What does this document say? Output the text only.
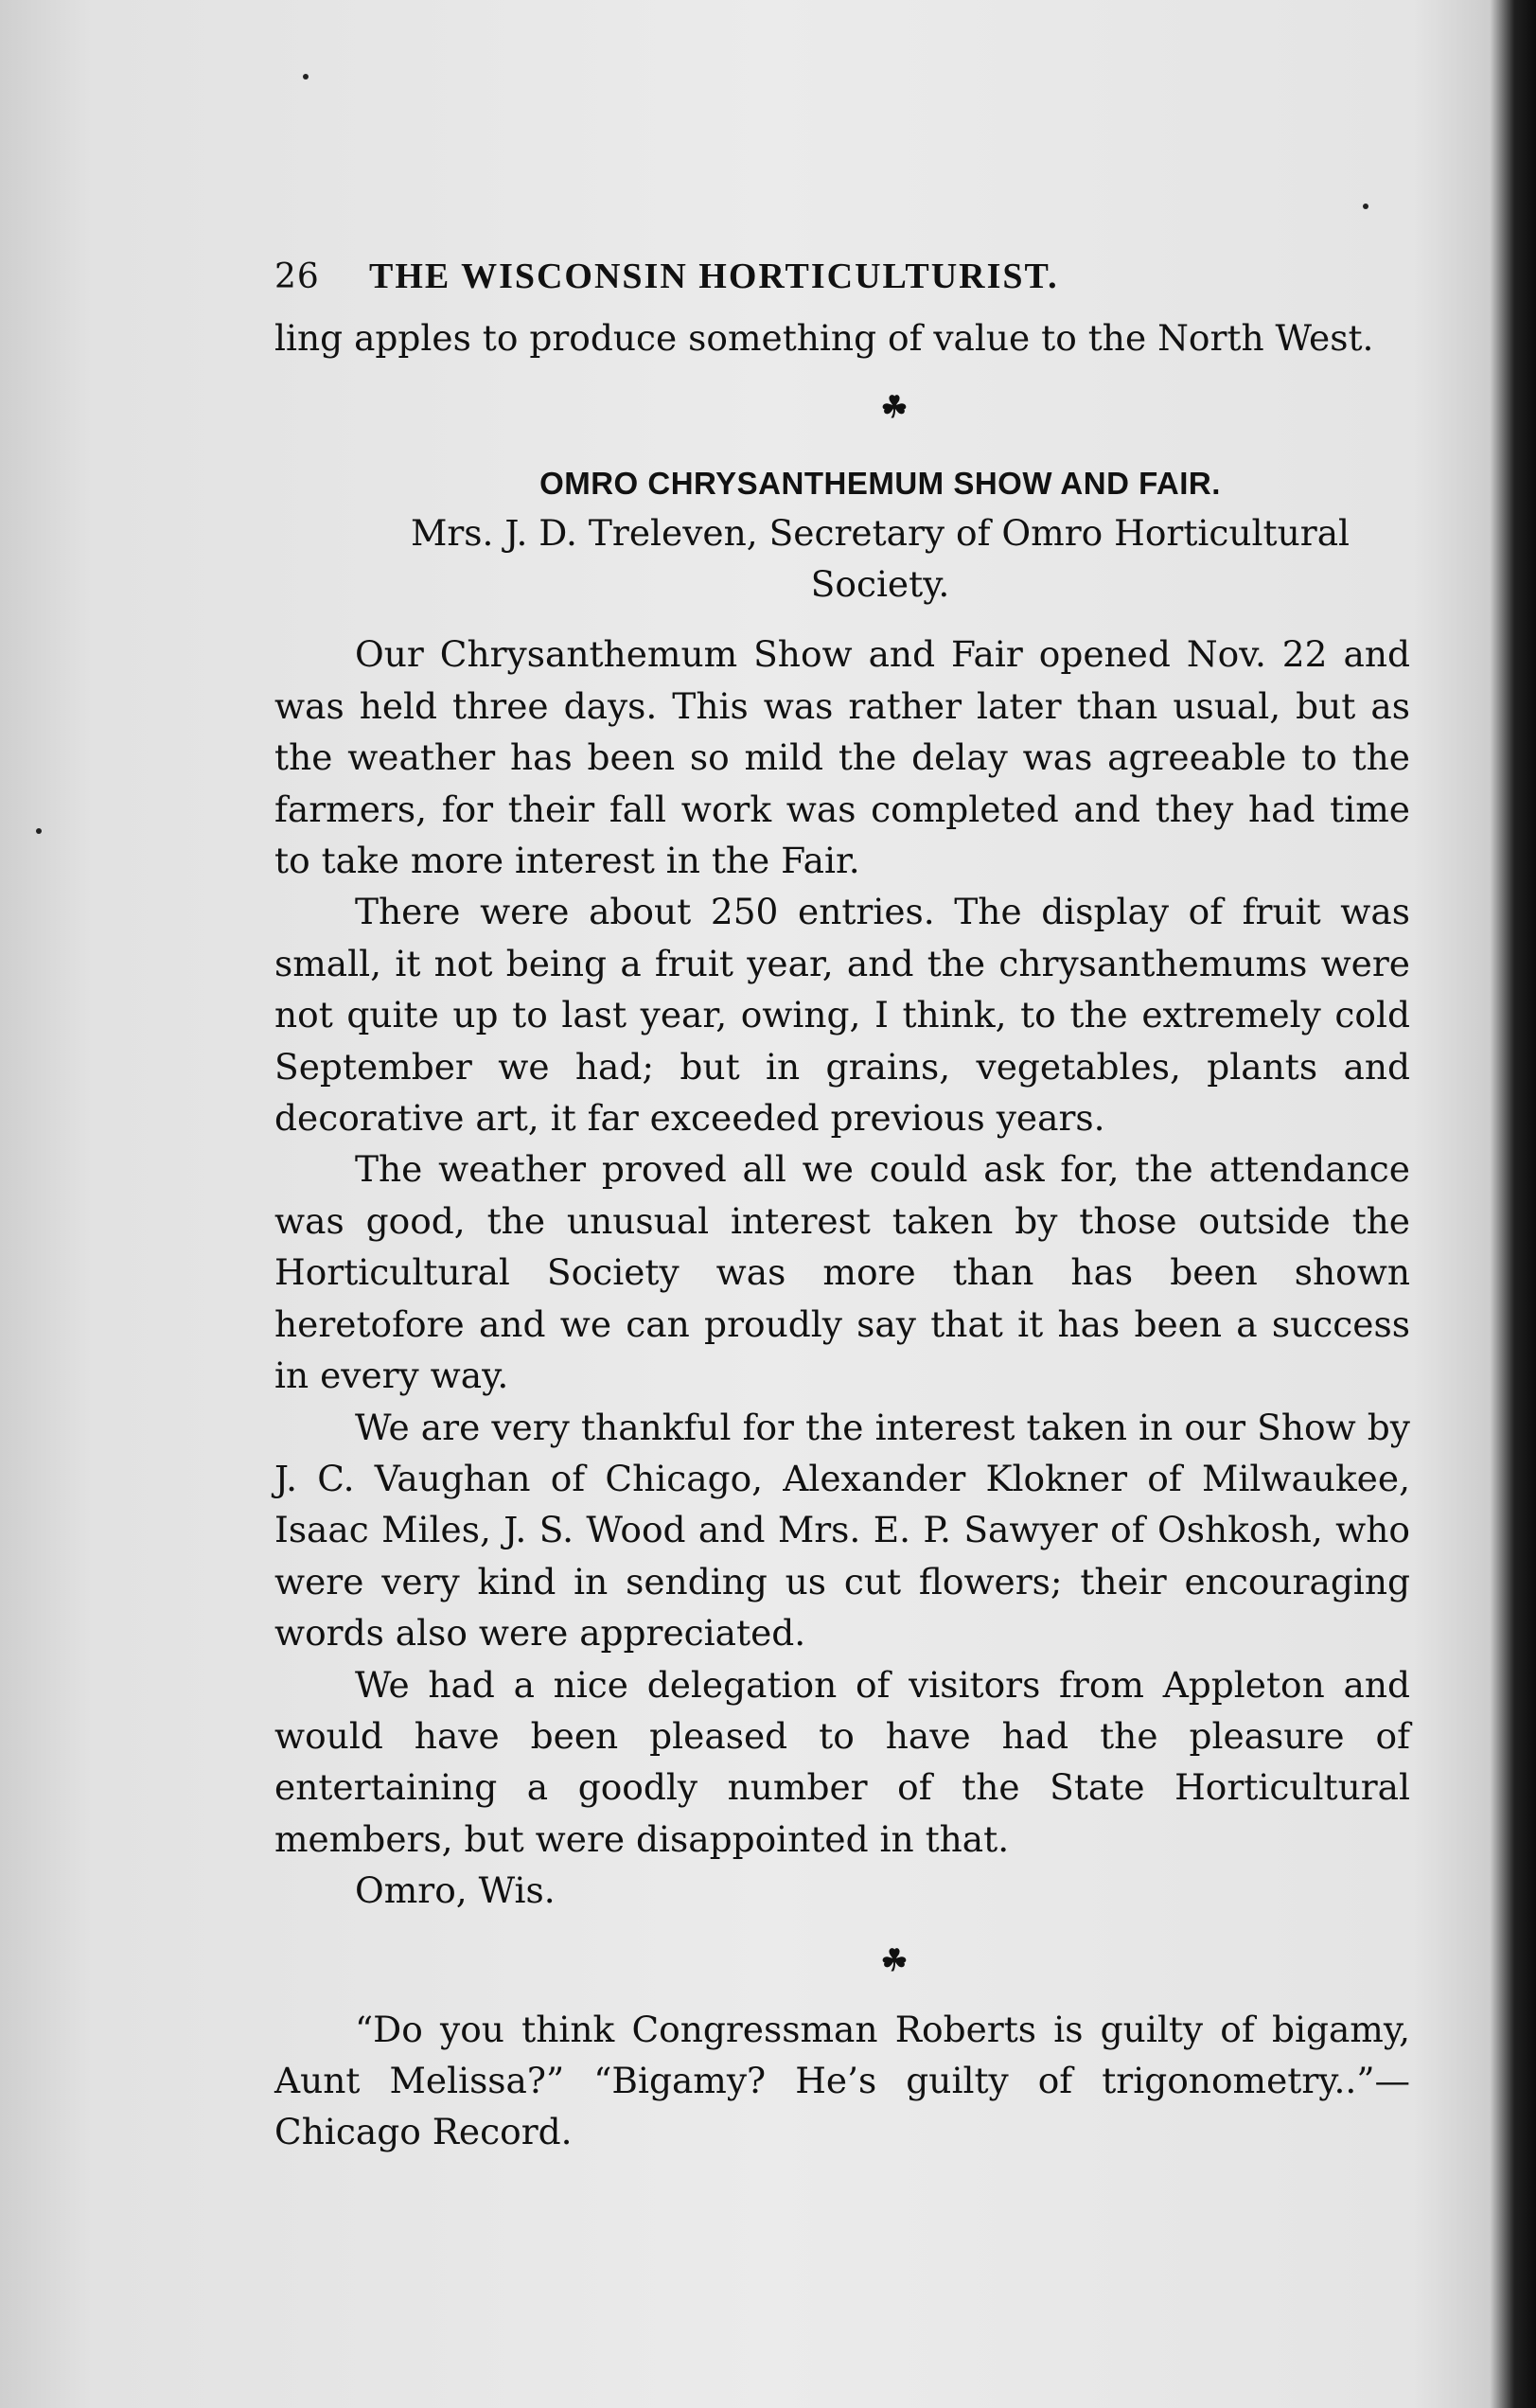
26	THE WISCONSIN HORTICULTURIST.

ling apples to produce something of value to the North West.

☘
OMRO CHRYSANTHEMUM SHOW AND FAIR.
Mrs. J. D. Treleven, Secretary of Omro Horticultural
Society.

Our Chrysanthemum Show and Fair opened Nov. 22 and was held three days. This was rather later than usual, but as the weather has been so mild the delay was agreeable to the farmers, for their fall work was completed and they had time to take more interest in the Fair.

There were about 250 entries. The display of fruit was small, it not being a fruit year, and the chrysanthemums were not quite up to last year, owing, I think, to the extremely cold September we had; but in grains, vegetables, plants and decorative art, it far exceeded previous years.

The weather proved all we could ask for, the attendance was good, the unusual interest taken by those outside the Horticultural Society was more than has been shown heretofore and we can proudly say that it has been a success in every way.

We are very thankful for the interest taken in our Show by J. C. Vaughan of Chicago, Alexander Klokner of Milwaukee, Isaac Miles, J. S. Wood and Mrs. E. P. Sawyer of Oshkosh, who were very kind in sending us cut flowers; their encouraging words also were appreciated.

We had a nice delegation of visitors from Appleton and would have been pleased to have had the pleasure of entertaining a goodly number of the State Horticultural members, but were disappointed in that.

Omro, Wis.

☘

“Do you think Congressman Roberts is guilty of bigamy, Aunt Melissa?” “Bigamy? He’s guilty of trigonometry..”—Chicago Record.
